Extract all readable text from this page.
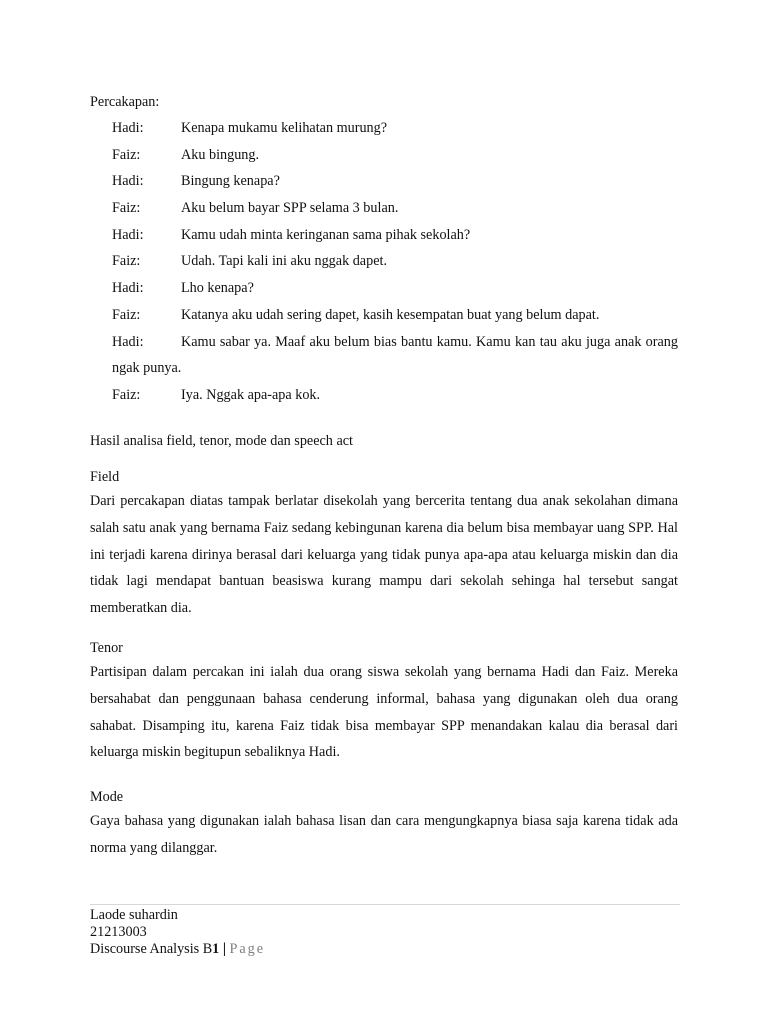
Percakapan:
Hadi:	Kenapa mukamu kelihatan murung?
Faiz:	Aku bingung.
Hadi:	Bingung kenapa?
Faiz:	Aku belum bayar SPP selama 3 bulan.
Hadi:	Kamu udah minta keringanan sama pihak sekolah?
Faiz:	Udah. Tapi kali ini aku nggak dapet.
Hadi:	Lho kenapa?
Faiz:	Katanya aku udah sering dapet, kasih kesempatan buat yang belum dapat.
Hadi:	Kamu sabar ya. Maaf aku belum bias bantu kamu. Kamu kan tau aku juga anak orang ngak punya.
Faiz:	Iya. Nggak apa-apa kok.
Hasil analisa field, tenor, mode dan speech act
Field
Dari percakapan diatas tampak berlatar disekolah yang bercerita tentang dua anak sekolahan dimana salah satu anak yang bernama Faiz sedang kebingunan karena dia belum bisa membayar uang SPP. Hal ini terjadi karena dirinya berasal dari keluarga yang tidak punya apa-apa atau keluarga miskin dan dia tidak lagi mendapat bantuan beasiswa kurang mampu dari sekolah sehinga hal tersebut sangat memberatkan dia.
Tenor
Partisipan dalam percakan ini ialah dua orang siswa sekolah yang bernama Hadi dan Faiz. Mereka bersahabat dan penggunaan bahasa cenderung informal, bahasa yang digunakan oleh dua orang sahabat. Disamping itu, karena Faiz tidak bisa membayar SPP menandakan kalau dia berasal dari keluarga miskin begitupun sebaliknya Hadi.
Mode
Gaya bahasa yang digunakan ialah bahasa lisan dan cara mengungkapnya biasa saja karena tidak ada norma yang dilanggar.
Laode suhardin
21213003
Discourse Analysis B1 | Page
